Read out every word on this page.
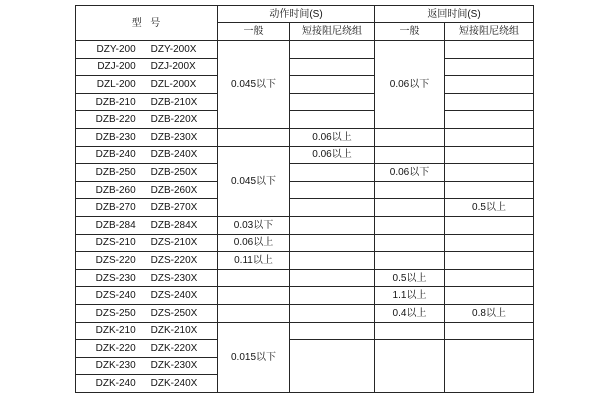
型  号	动作时间(S)		返回时间(S)	
	一般	短接阻尼绕组	一般	短接阻尼绕组
DZY-200 DZY-200X	0.045以下		0.06以下	
DZJ-200 DZJ-200X				
DZL-200 DZL-200X				
DZB-210 DZB-210X				
DZB-220 DZB-220X				
DZB-230 DZB-230X		0.06以上		
DZB-240 DZB-240X	0.045以下	0.06以上		
DZB-250 DZB-250X			0.06以下	
DZB-260 DZB-260X				
DZB-270 DZB-270X				0.5以上
DZB-284 DZB-284X	0.03以下			
DZS-210 DZS-210X	0.06以上			
DZS-220 DZS-220X	0.11以上			
DZS-230 DZS-230X			0.5以上	
DZS-240 DZS-240X			1.1以上	
DZS-250 DZS-250X			0.4以上	0.8以上
DZK-210 DZK-210X	0.015以下			
DZK-220 DZK-220X				
DZK-230 DZK-230X				
DZK-240 DZK-240X				
